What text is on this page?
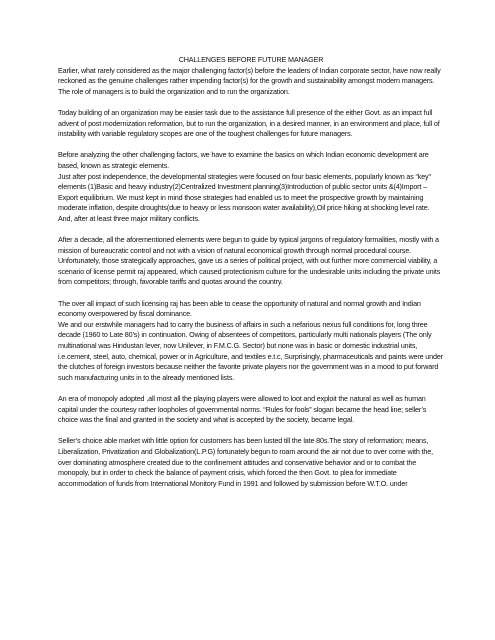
CHALLENGES BEFORE FUTURE MANAGER

Earlier, what rarely considered as the major challenging factor(s) before the leaders of Indian corporate sector, have now really reckoned as the genuine challenges rather impending factor(s) for the growth and sustainability amongst modern managers. The role of managers is to build the organization and to run the organization.

Today building of an organization may be easier task due to the assistance full presence of the either Govt. as an impact full advent of post modernization reformation, but to run the organization, in a desired manner, in an environment and place, full of instability with variable regulatory scopes are one of the toughest challenges for future managers.

Before analyzing the other challenging factors, we have to examine the basics on which Indian economic development are based, known as strategic elements.

Just after post independence, the developmental strategies were focused on four basic elements, popularly known as “key” elements (1)Basic and heavy industry(2)Centralized Investment planning(3)Introduction of public sector units &(4)Import –Export equilibrium. We must kept in mind those strategies had enabled us to meet the prospective growth by maintaining moderate inflation, despite droughts(due to heavy or less monsoon water availability),Oil price hiking at shocking level rate. And, after at least three major military conflicts.

After a decade, all the aforementioned elements were begun to guide by typical jargons of regulatory formalities, mostly with a mission of bureaucratic control and not with a vision of natural economical growth through normal procedural course. Unfortunately, those strategically approaches, gave us a series of political project, with out further more commercial viability, a scenario of license permit raj appeared, which caused protectionism culture for the undesirable units including the private units from competitors; through, favorable tariffs and quotas around the country.

The over all impact of such licensing raj has been able to cease the opportunity of natural and normal growth and Indian economy overpowered by fiscal dominance.

We and our erstwhile managers had to carry the business of affairs in such a nefarious nexus full conditions for, long three decade (1960 to Late 80’s) in continuation. Owing of absentees of competitors, particularly multi nationals players (The only multinational was Hindustan lever, now Unilever, in F.M.C.G. Sector) but none was in basic or domestic industrial units, i.e.cement, steel, auto, chemical, power or in Agriculture, and textiles e.t.c, Surprisingly, pharmaceuticals and paints were under the clutches of foreign investors because neither the favorite private players nor the government was in a mood to put forward such manufacturing units in to the already mentioned lists.

An era of monopoly adopted ,all most all the playing players were allowed to loot and exploit the natural as well as human capital under the courtesy rather loopholes of governmental norms. “Rules for fools” slogan became the head line; seller’s choice was the final and granted in the society and what is accepted by the society, became legal.

Seller’s choice able market with little option for customers has been lusted till the late 80s.The story of reformation; means, Liberalization, Privatization and Globalization(L.P.G) fortunately begun to roam around the air not due to over come with the, over dominating atmosphere created due to the confinement attitudes and conservative behavior and or to combat the monopoly, but in order to check the balance of payment crisis, which forced the then Govt. to plea for immediate accommodation of funds from International Monitory Fund in 1991 and followed by submission before W.T.O. under
